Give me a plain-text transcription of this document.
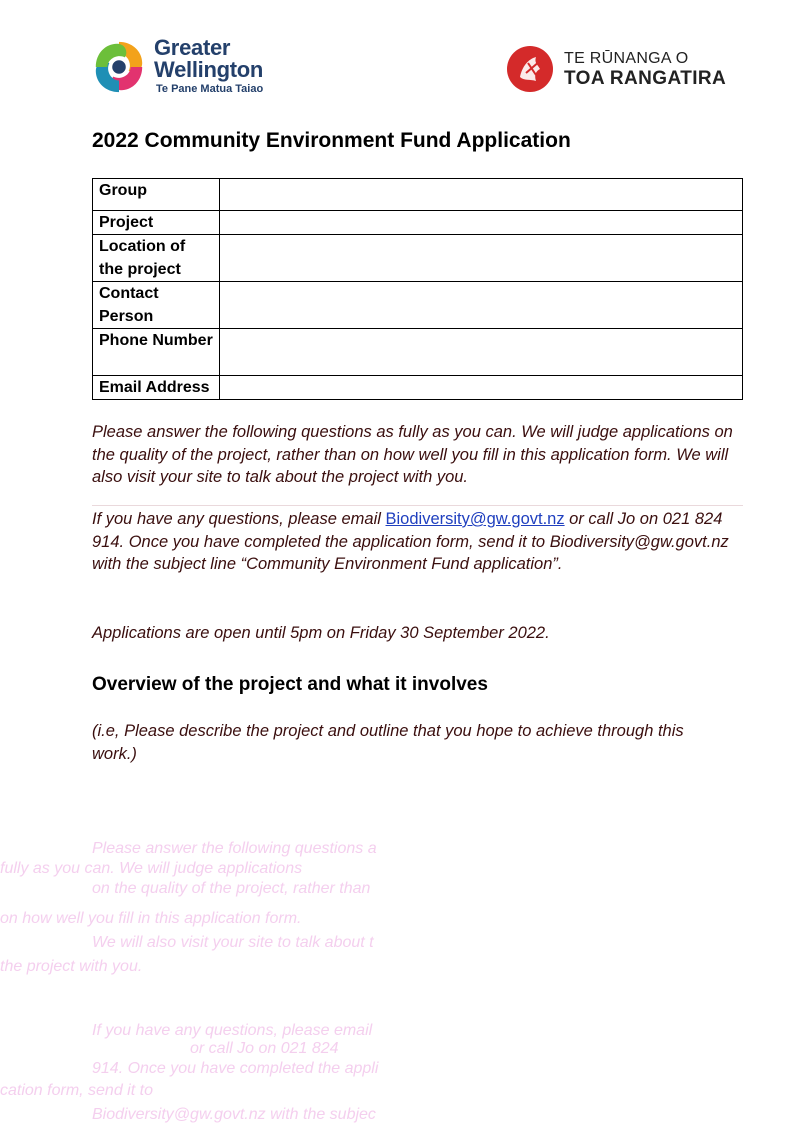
Greater
Wellington
Te Pane Matua Taiao
TE RŪNANGA O
TOA RANGATIRA
2022 Community Environment Fund Application
Group	
Project	
Location of the project	
Contact Person	
Phone Number	
Email Address	
Please answer the following questions as fully as you can. We will judge applications on the quality of the project, rather than on how well you fill in this application form. We will also visit your site to talk about the project with you.
If you have any questions, please email Biodiversity@gw.govt.nz or call Jo on 021 824 914. Once you have completed the application form, send it to Biodiversity@gw.govt.nz with the subject line “Community Environment Fund application”.
Applications are open until 5pm on Friday 30 September 2022.
Overview of the project and what it involves
(i.e, Please describe the project and outline that you hope to achieve through this work.)
Please answer the following questions a
fully as you can. We will judge applications
on the quality of the project, rather than
on how well you fill in this application form.
We will also visit your site to talk about t
the project with you.
If you have any questions, please email
or call Jo on 021 824
914. Once you have completed the appli
cation form, send it to
Biodiversity@gw.govt.nz with the subjec
